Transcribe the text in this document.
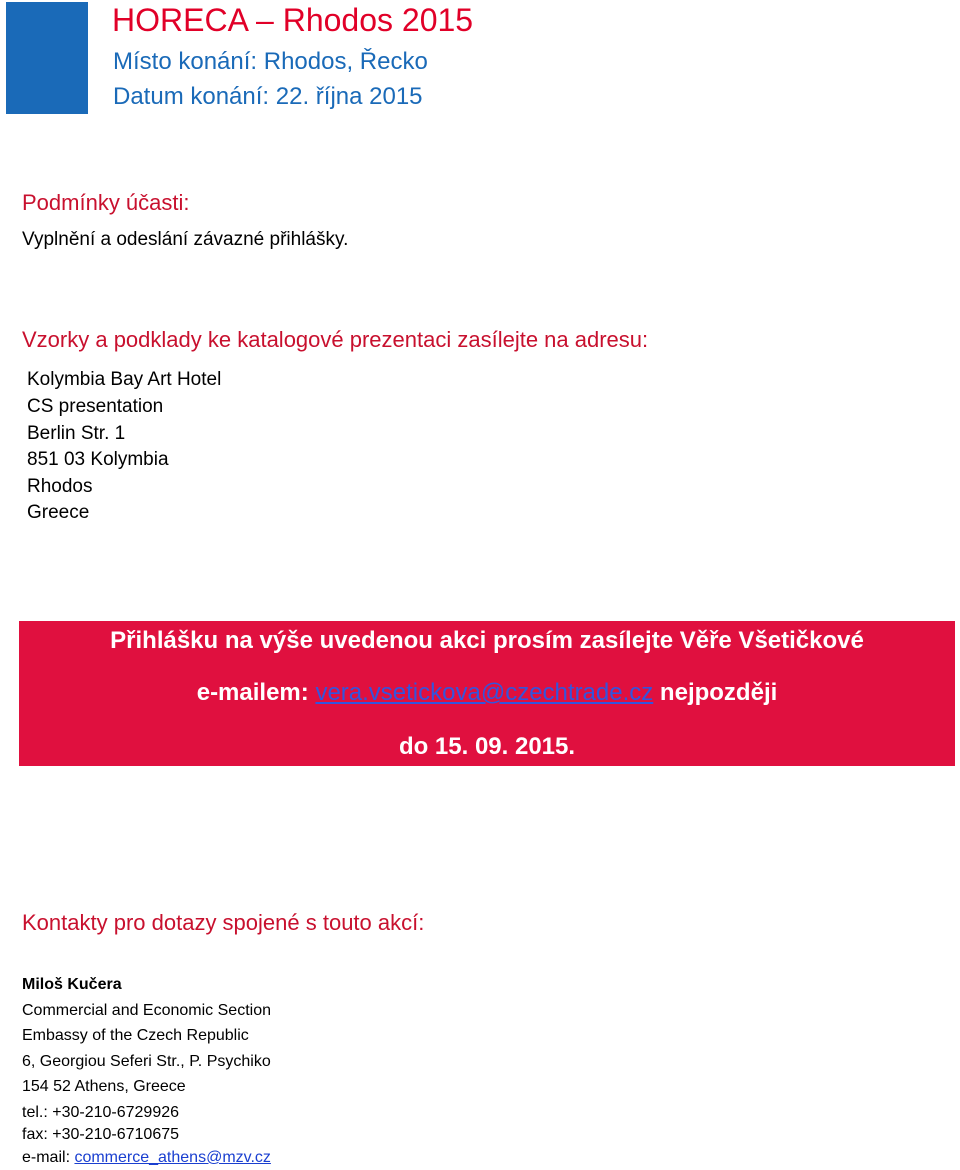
HORECA – Rhodos 2015
Místo konání: Rhodos, Řecko
Datum konání: 22. října 2015
Podmínky účasti:
Vyplnění a odeslání závazné přihlášky.
Vzorky a podklady ke katalogové prezentaci zasílejte na adresu:
Kolymbia Bay Art Hotel
CS presentation
Berlin Str. 1
851 03 Kolymbia
Rhodos
Greece
Přihlášku na výše uvedenou akci prosím zasílejte Věře Všetičkové
e-mailem: vera.vsetickova@czechtrade.cz nejpozději
do 15. 09. 2015.
Kontakty pro dotazy spojené s touto akcí:
Miloš Kučera
Commercial and Economic Section
Embassy of the Czech Republic
6, Georgiou Seferi Str., P. Psychiko
154 52 Athens, Greece
tel.: +30-210-6729926
fax: +30-210-6710675
e-mail: commerce_athens@mzv.cz
